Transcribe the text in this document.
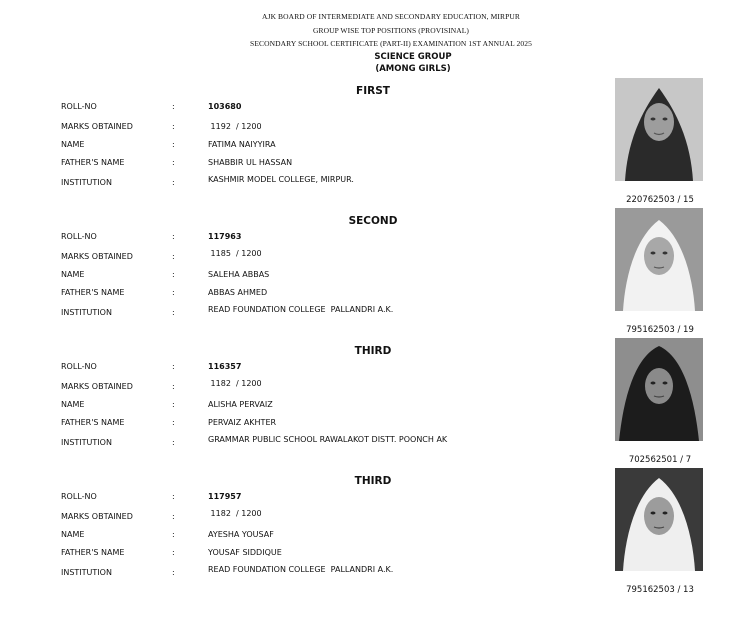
AJK BOARD OF INTERMEDIATE AND SECONDARY EDUCATION, MIRPUR
GROUP WISE TOP POSITIONS (PROVISINAL)
SECONDARY SCHOOL CERTIFICATE (PART-II) EXAMINATION 1ST ANNUAL 2025
SCIENCE GROUP
(AMONG GIRLS)
FIRST
ROLL-NO	:	103680
MARKS OBTAINED	:	1192  / 1200
NAME	:	FATIMA NAIYYIRA
FATHER'S NAME	:	SHABBIR UL HASSAN
INSTITUTION	:	KASHMIR MODEL COLLEGE, MIRPUR.
220762503 / 15
SECOND
ROLL-NO	:	117963
MARKS OBTAINED	:	1185  / 1200
NAME	:	SALEHA ABBAS
FATHER'S NAME	:	ABBAS AHMED
INSTITUTION	:	READ FOUNDATION COLLEGE  PALLANDRI A.K.
795162503 / 19
THIRD
ROLL-NO	:	116357
MARKS OBTAINED	:	1182  / 1200
NAME	:	ALISHA PERVAIZ
FATHER'S NAME	:	PERVAIZ AKHTER
INSTITUTION	:	GRAMMAR PUBLIC SCHOOL RAWALAKOT DISTT. POONCH AK
702562501 / 7
THIRD
ROLL-NO	:	117957
MARKS OBTAINED	:	1182  / 1200
NAME	:	AYESHA YOUSAF
FATHER'S NAME	:	YOUSAF SIDDIQUE
INSTITUTION	:	READ FOUNDATION COLLEGE  PALLANDRI A.K.
795162503 / 13
